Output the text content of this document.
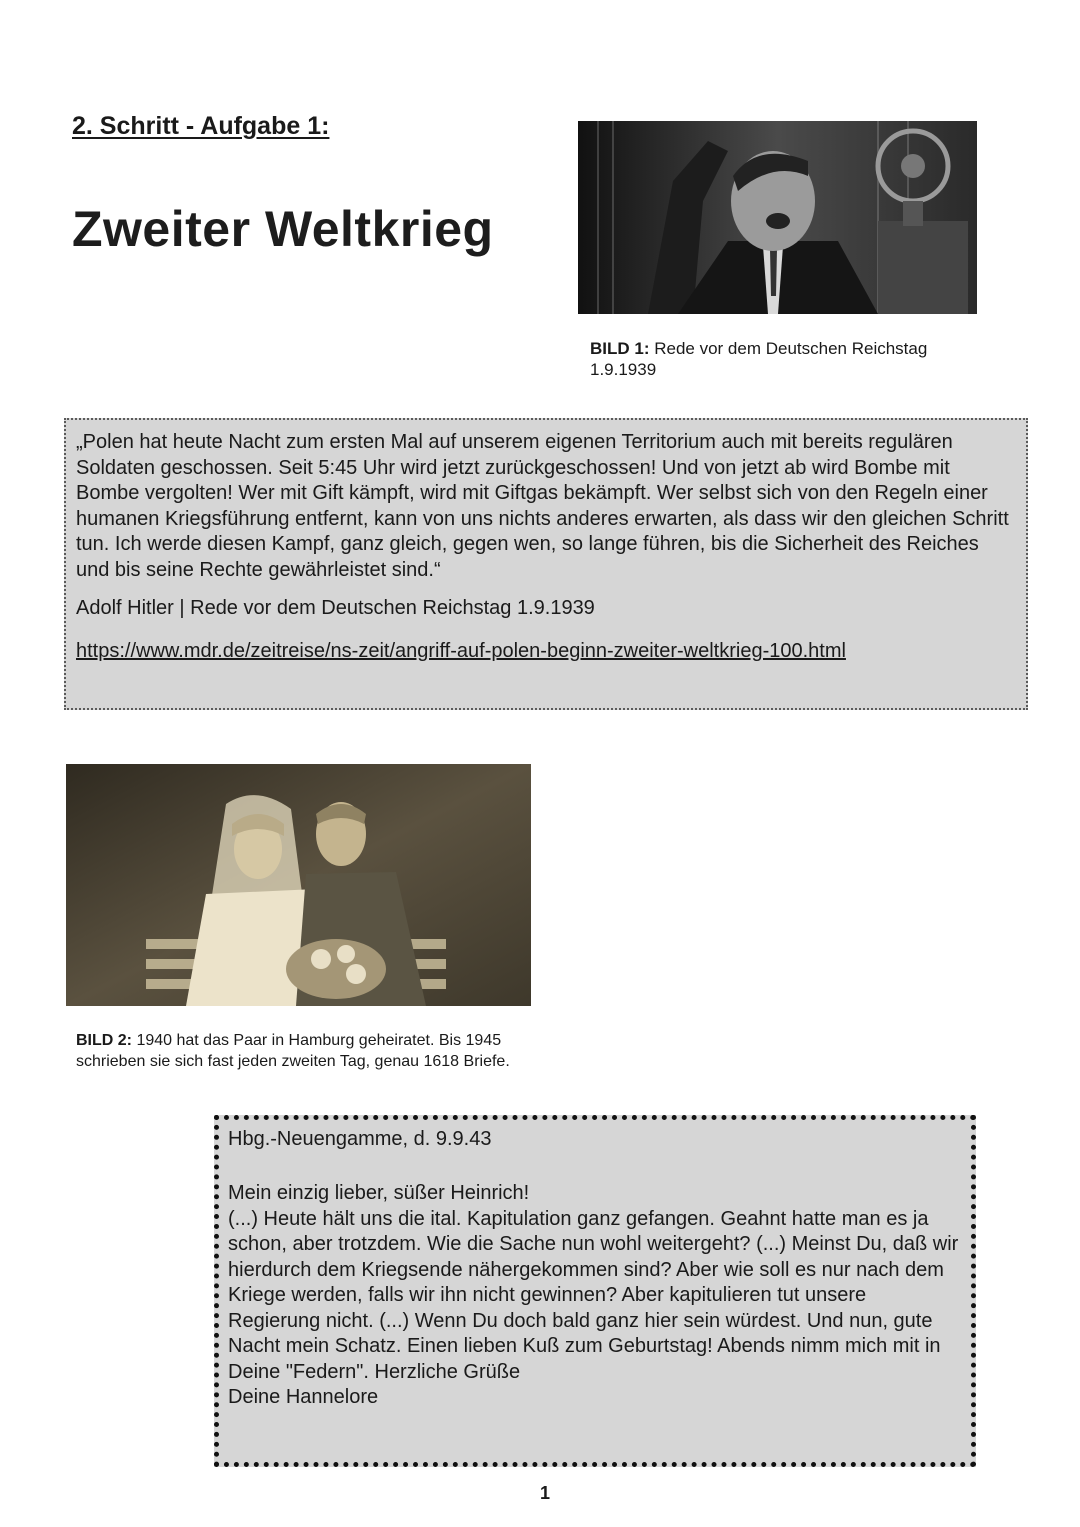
2. Schritt - Aufgabe 1:
Zweiter Weltkrieg

BILD 1: Rede vor dem Deutschen Reichstag 1.9.1939

„Polen hat heute Nacht zum ersten Mal auf unserem eigenen Territorium auch mit bereits regulären Soldaten geschossen. Seit 5:45 Uhr wird jetzt zurückgeschossen! Und von jetzt ab wird Bombe mit Bombe vergolten! Wer mit Gift kämpft, wird mit Giftgas bekämpft. Wer selbst sich von den Regeln einer humanen Kriegsführung entfernt, kann von uns nichts anderes erwarten, als dass wir den gleichen Schritt tun. Ich werde diesen Kampf, ganz gleich, gegen wen, so lange führen, bis die Sicherheit des Reiches und bis seine Rechte gewährleistet sind.“

Adolf Hitler | Rede vor dem Deutschen Reichstag 1.9.1939

https://www.mdr.de/zeitreise/ns-zeit/angriff-auf-polen-beginn-zweiter-weltkrieg-100.html

BILD 2: 1940 hat das Paar in Hamburg geheiratet. Bis 1945 schrieben sie sich fast jeden zweiten Tag, genau 1618 Briefe.

Hbg.-Neuengamme, d. 9.9.43

Mein einzig lieber, süßer Heinrich!
(...) Heute hält uns die ital. Kapitulation ganz gefangen. Geahnt hatte man es ja schon, aber trotzdem. Wie die Sache nun wohl weitergeht? (...) Meinst Du, daß wir hierdurch dem Kriegsende nähergekommen sind? Aber wie soll es nur nach dem Kriege werden, falls wir ihn nicht gewinnen? Aber kapitulieren tut unsere Regierung nicht. (...) Wenn Du doch bald ganz hier sein würdest. Und nun, gute Nacht mein Schatz. Einen lieben Kuß zum Geburtstag! Abends nimm mich mit in Deine "Federn". Herzliche Grüße
Deine Hannelore

1
